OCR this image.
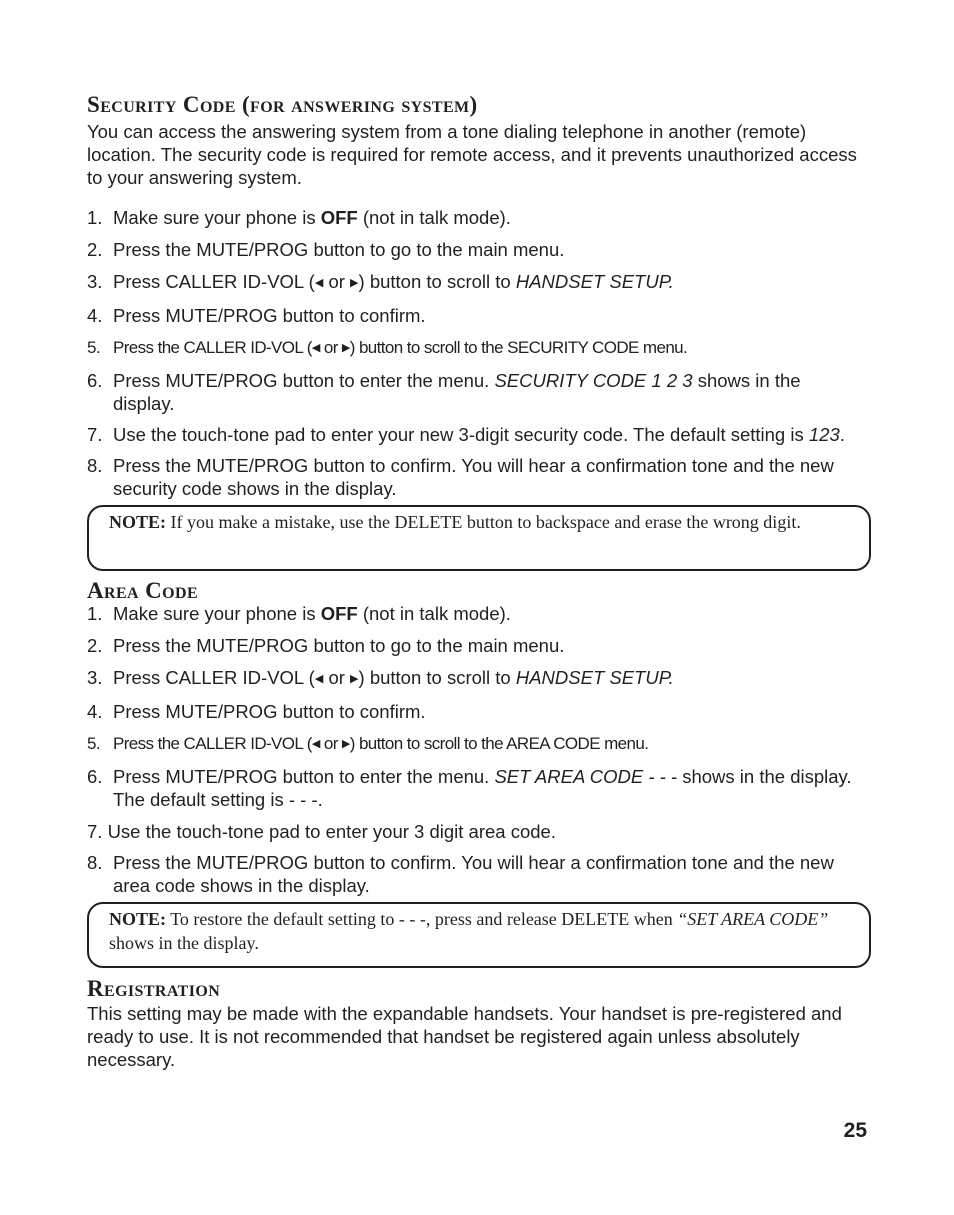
Security Code (for answering system)

You can access the answering system from a tone dialing telephone in another (remote) location. The security code is required for remote access, and it prevents unauthorized access to your answering system.

1. Make sure your phone is OFF (not in talk mode).
2. Press the MUTE/PROG button to go to the main menu.
3. Press CALLER ID-VOL (◀ or ▶) button to scroll to HANDSET SETUP.
4. Press MUTE/PROG button to confirm.
5. Press the CALLER ID-VOL (◀ or ▶) button to scroll to the SECURITY CODE menu.
6. Press MUTE/PROG button to enter the menu. SECURITY CODE 1 2 3 shows in the display.
7. Use the touch-tone pad to enter your new 3-digit security code. The default setting is 123.
8. Press the MUTE/PROG button to confirm. You will hear a confirmation tone and the new security code shows in the display.
NOTE: If you make a mistake, use the DELETE button to backspace and erase the wrong digit.
Area Code
1. Make sure your phone is OFF (not in talk mode).
2. Press the MUTE/PROG button to go to the main menu.
3. Press CALLER ID-VOL (◀ or ▶) button to scroll to HANDSET SETUP.
4. Press MUTE/PROG button to confirm.
5. Press the CALLER ID-VOL (◀ or ▶) button to scroll to the AREA CODE menu.
6. Press MUTE/PROG button to enter the menu. SET AREA CODE - - - shows in the display. The default setting is - - -.
7. Use the touch-tone pad to enter your 3 digit area code.
8. Press the MUTE/PROG button to confirm. You will hear a confirmation tone and the new area code shows in the display.
NOTE: To restore the default setting to - - -, press and release DELETE when “SET AREA CODE” shows in the display.
Registration

This setting may be made with the expandable handsets. Your handset is pre-registered and ready to use. It is not recommended that handset be registered again unless absolutely necessary.

25
